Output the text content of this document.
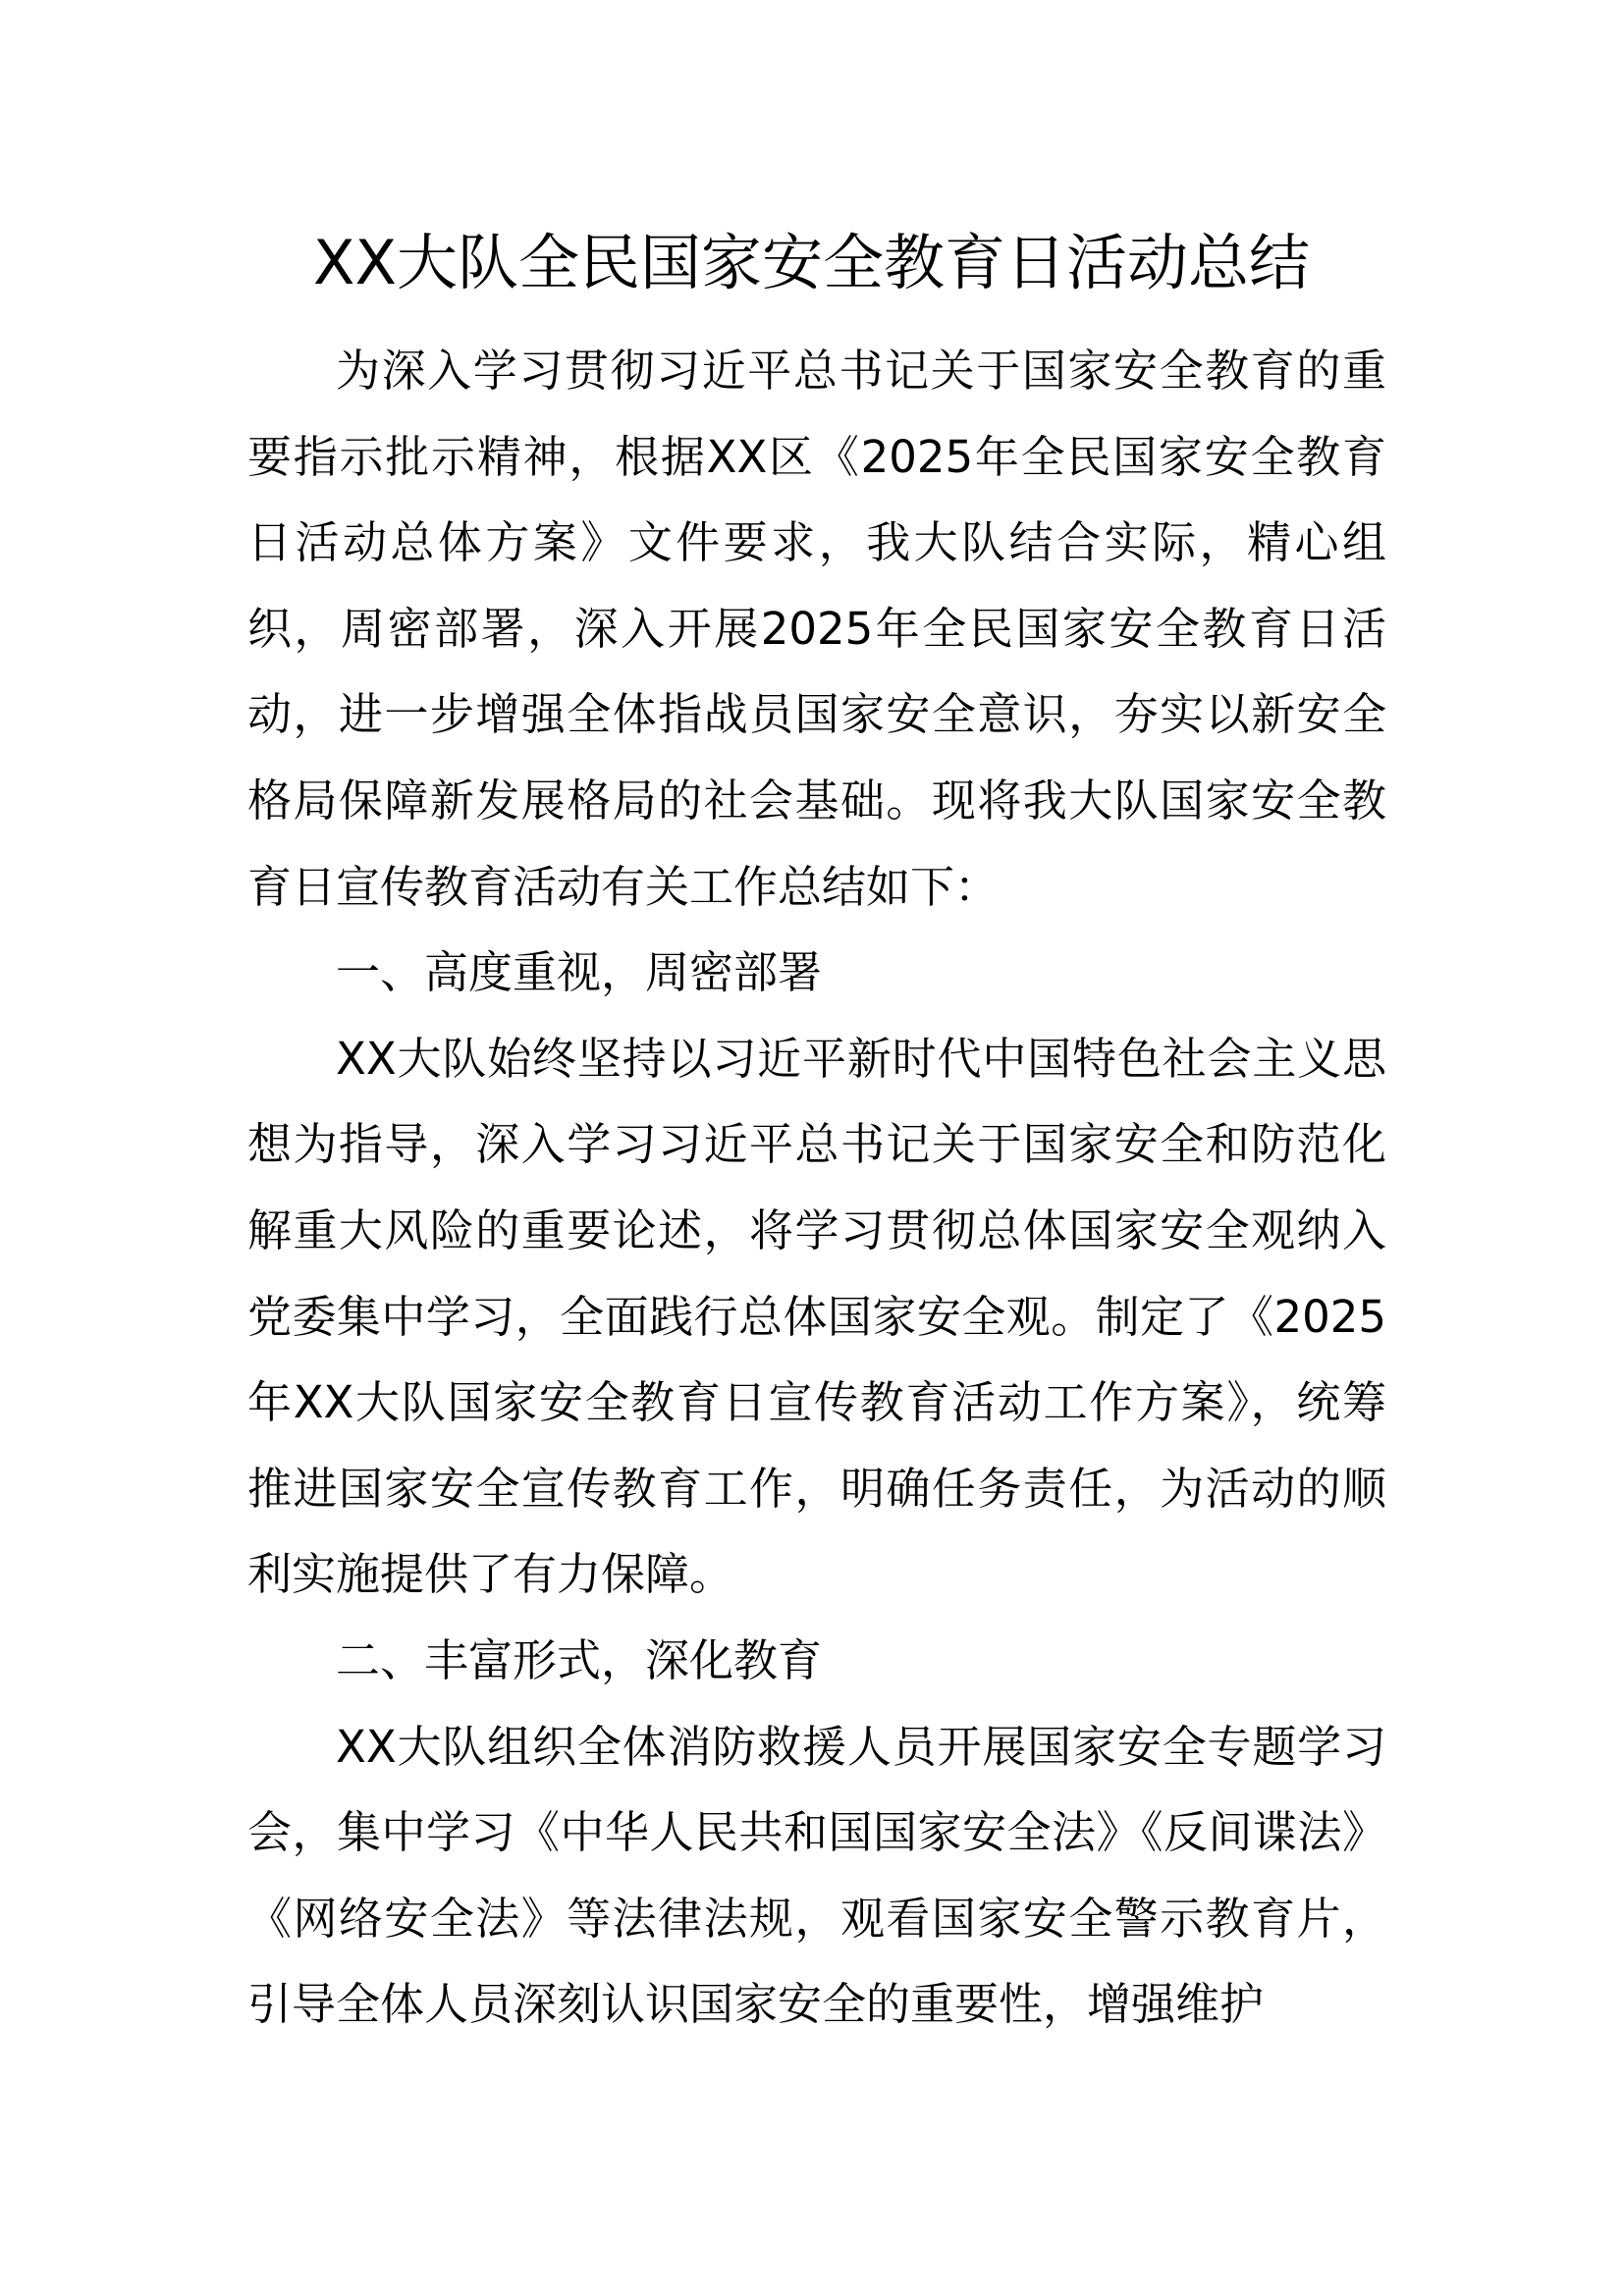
XX大队全民国家安全教育日活动总结

为深入学习贯彻习近平总书记关于国家安全教育的重要指示批示精神，根据XX区《2025年全民国家安全教育日活动总体方案》文件要求，我大队结合实际，精心组织，周密部署，深入开展2025年全民国家安全教育日活动，进一步增强全体指战员国家安全意识，夯实以新安全格局保障新发展格局的社会基础。现将我大队国家安全教育日宣传教育活动有关工作总结如下：

一、高度重视，周密部署

XX大队始终坚持以习近平新时代中国特色社会主义思想为指导，深入学习习近平总书记关于国家安全和防范化解重大风险的重要论述，将学习贯彻总体国家安全观纳入党委集中学习，全面践行总体国家安全观。制定了《2025年XX大队国家安全教育日宣传教育活动工作方案》，统筹推进国家安全宣传教育工作，明确任务责任，为活动的顺利实施提供了有力保障。

二、丰富形式，深化教育

XX大队组织全体消防救援人员开展国家安全专题学习会，集中学习《中华人民共和国国家安全法》《反间谍法》《网络安全法》等法律法规，观看国家安全警示教育片，引导全体人员深刻认识国家安全的重要性，增强维护
